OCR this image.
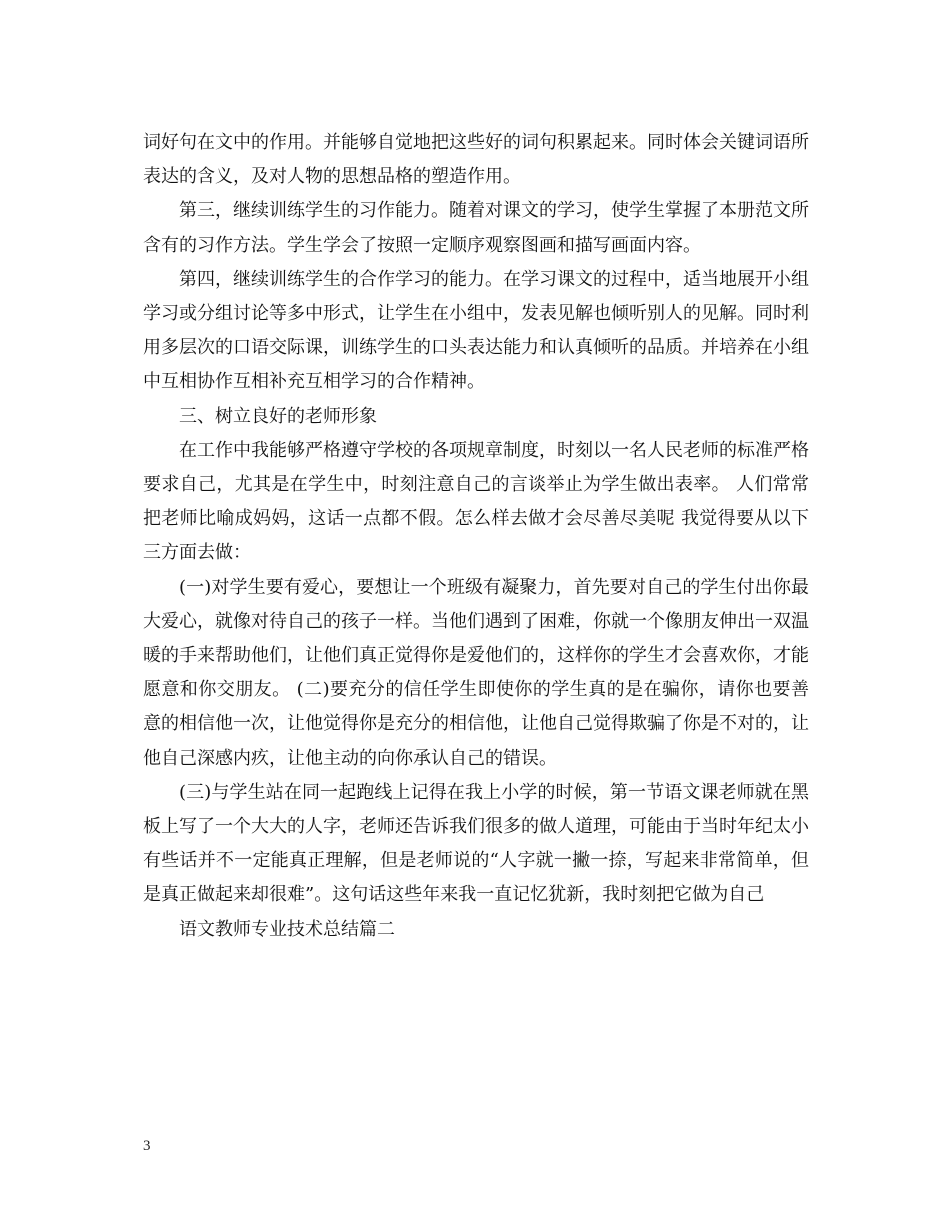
词好句在文中的作用。并能够自觉地把这些好的词句积累起来。同时体会关键词语所表达的含义，及对人物的思想品格的塑造作用。

第三，继续训练学生的习作能力。随着对课文的学习，使学生掌握了本册范文所含有的习作方法。学生学会了按照一定顺序观察图画和描写画面内容。

第四，继续训练学生的合作学习的能力。在学习课文的过程中，适当地展开小组学习或分组讨论等多中形式，让学生在小组中，发表见解也倾听别人的见解。同时利用多层次的口语交际课，训练学生的口头表达能力和认真倾听的品质。并培养在小组中互相协作互相补充互相学习的合作精神。

三、树立良好的老师形象

在工作中我能够严格遵守学校的各项规章制度，时刻以一名人民老师的标准严格要求自己，尤其是在学生中，时刻注意自己的言谈举止为学生做出表率。 人们常常把老师比喻成妈妈，这话一点都不假。怎么样去做才会尽善尽美呢 我觉得要从以下三方面去做：

(一)对学生要有爱心，要想让一个班级有凝聚力，首先要对自己的学生付出你最大爱心，就像对待自己的孩子一样。当他们遇到了困难，你就一个像朋友伸出一双温暖的手来帮助他们，让他们真正觉得你是爱他们的，这样你的学生才会喜欢你，才能愿意和你交朋友。 (二)要充分的信任学生即使你的学生真的是在骗你，请你也要善意的相信他一次，让他觉得你是充分的相信他，让他自己觉得欺骗了你是不对的，让他自己深感内疚，让他主动的向你承认自己的错误。

(三)与学生站在同一起跑线上记得在我上小学的时候，第一节语文课老师就在黑板上写了一个大大的人字，老师还告诉我们很多的做人道理，可能由于当时年纪太小有些话并不一定能真正理解，但是老师说的“人字就一撇一捺，写起来非常简单，但是真正做起来却很难”。这句话这些年来我一直记忆犹新，我时刻把它做为自己

语文教师专业技术总结篇二

3
